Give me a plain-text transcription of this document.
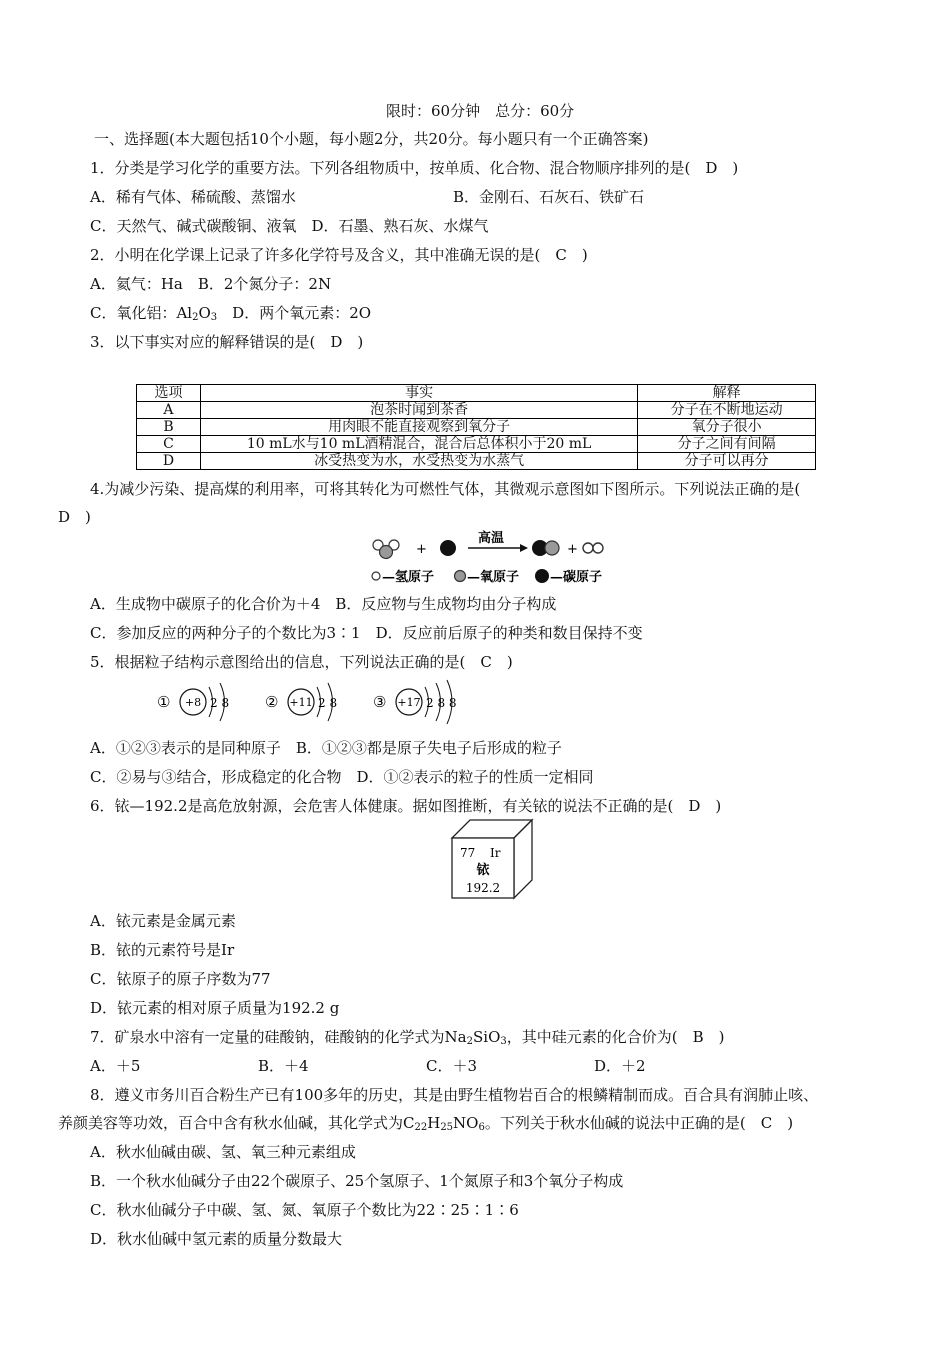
限时：60分钟　总分：60分
一、选择题(本大题包括10个小题，每小题2分，共20分。每小题只有一个正确答案)
1．分类是学习化学的重要方法。下列各组物质中，按单质、化合物、混合物顺序排列的是(　D　)
A．稀有气体、稀硫酸、蒸馏水	B．金刚石、石灰石、铁矿石
C．天然气、碱式碳酸铜、液氧　D．石墨、熟石灰、水煤气
2．小明在化学课上记录了许多化学符号及含义，其中准确无误的是(　C　)
A．氦气：Ha　B．2个氮分子：2N
C．氧化铝：$Al_2O_3$　D．两个氧元素：2O
3．以下事实对应的解释错误的是(　D　)
选项	事实	解释
A	泡茶时闻到茶香	分子在不断地运动
B	用肉眼不能直接观察到氧分子	氧分子很小
C	10 mL水与10 mL酒精混合，混合后总体积小于20 mL	分子之间有间隔
D	冰受热变为水，水受热变为水蒸气	分子可以再分
4.为减少污染、提高煤的利用率，可将其转化为可燃性气体，其微观示意图如下图所示。下列说法正确的是(
D　)
+
高温
+
—氢原子	—氧原子 —碳原子
A．生成物中碳原子的化合价为＋4　B．反应物与生成物均由分子构成
C．参加反应的两种分子的个数比为3∶1　D．反应前后原子的种类和数目保持不变
5．根据粒子结构示意图给出的信息，下列说法正确的是(　C　)
① +8 2 8 ② +11 2 8 ③ +17 2 8 8
A．①②③表示的是同种原子　B．①②③都是原子失电子后形成的粒子
C．②易与③结合，形成稳定的化合物　D．①②表示的粒子的性质一定相同
6．铱—192.2是高危放射源，会危害人体健康。据如图推断，有关铱的说法不正确的是(　D　)
77 Ir
铱
192.2
A．铱元素是金属元素
B．铱的元素符号是Ir
C．铱原子的原子序数为77
D．铱元素的相对原子质量为192.2 g
7．矿泉水中溶有一定量的硅酸钠，硅酸钠的化学式为$Na_2SiO_3$，其中硅元素的化合价为(　B　)
A．＋5	B．＋4	C．＋3	D．＋2
8．遵义市务川百合粉生产已有100多年的历史，其是由野生植物岩百合的根鳞精制而成。百合具有润肺止咳、
养颜美容等功效，百合中含有秋水仙碱，其化学式为$C_{22}H_{25}NO_6$。下列关于秋水仙碱的说法中正确的是(　C　)
A．秋水仙碱由碳、氢、氧三种元素组成
B．一个秋水仙碱分子由22个碳原子、25个氢原子、1个氮原子和3个氧分子构成
C．秋水仙碱分子中碳、氢、氮、氧原子个数比为22∶25∶1∶6
D．秋水仙碱中氢元素的质量分数最大
